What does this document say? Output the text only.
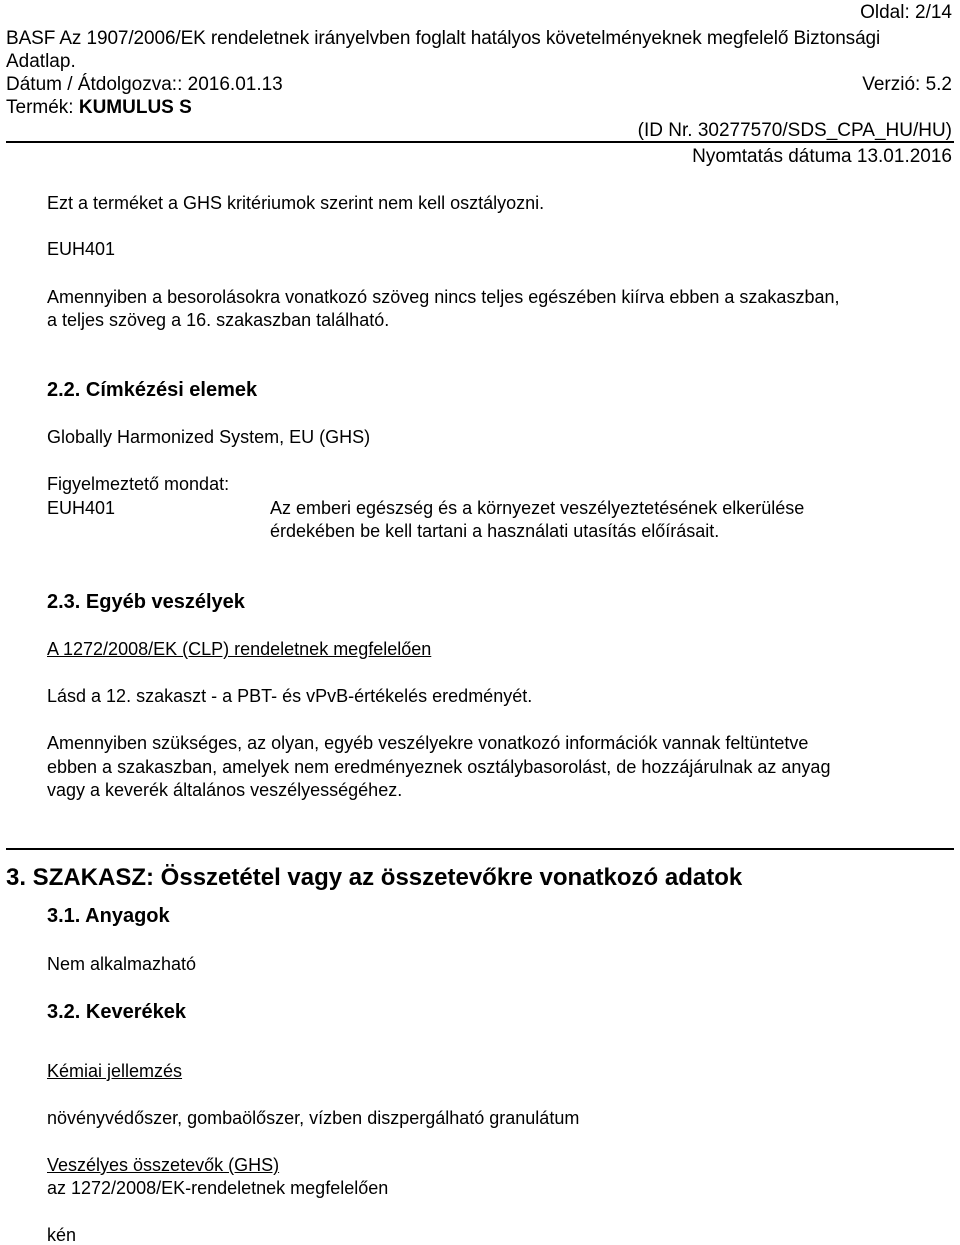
Oldal: 2/14
BASF Az 1907/2006/EK rendeletnek irányelvben foglalt hatályos követelményeknek megfelelő Biztonsági
Adatlap.
Dátum / Átdolgozva:: 2016.01.13	Verzió: 5.2
Termék: KUMULUS S
(ID Nr. 30277570/SDS_CPA_HU/HU)
Nyomtatás dátuma 13.01.2016
Ezt a terméket a GHS kritériumok szerint nem kell osztályozni.
EUH401
Amennyiben a besorolásokra vonatkozó szöveg nincs teljes egészében kiírva ebben a szakaszban,
a teljes szöveg a 16. szakaszban található.
2.2. Címkézési elemek
Globally Harmonized System, EU (GHS)
Figyelmeztető mondat:
EUH401	Az emberi egészség és a környezet veszélyeztetésének elkerülése
érdekében be kell tartani a használati utasítás előírásait.
2.3. Egyéb veszélyek
A 1272/2008/EK (CLP) rendeletnek megfelelően
Lásd a 12. szakaszt - a PBT- és vPvB-értékelés eredményét.
Amennyiben szükséges, az olyan, egyéb veszélyekre vonatkozó információk vannak feltüntetve
ebben a szakaszban, amelyek nem eredményeznek osztálybasorolást, de hozzájárulnak az anyag
vagy a keverék általános veszélyességéhez.
3. SZAKASZ: Összetétel vagy az összetevőkre vonatkozó adatok
3.1. Anyagok
Nem alkalmazható
3.2. Keverékek
Kémiai jellemzés
növényvédőszer, gombaölőszer, vízben diszpergálható granulátum
Veszélyes összetevők (GHS)
az 1272/2008/EK-rendeletnek megfelelően
kén
